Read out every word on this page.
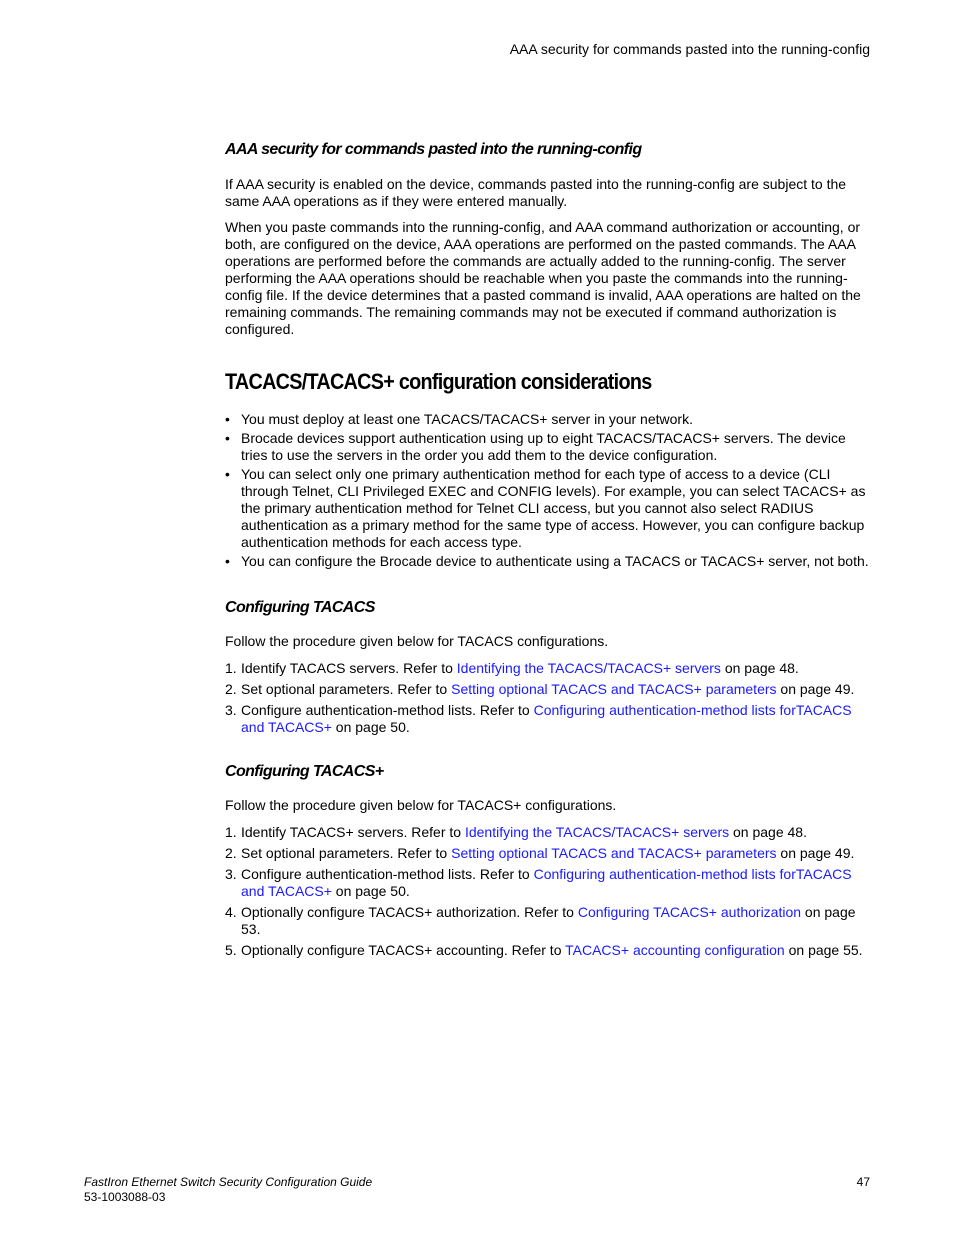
AAA security for commands pasted into the running-config
AAA security for commands pasted into the running-config

If AAA security is enabled on the device, commands pasted into the running-config are subject to the same AAA operations as if they were entered manually.

When you paste commands into the running-config, and AAA command authorization or accounting, or both, are configured on the device, AAA operations are performed on the pasted commands. The AAA operations are performed before the commands are actually added to the running-config. The server performing the AAA operations should be reachable when you paste the commands into the running-config file. If the device determines that a pasted command is invalid, AAA operations are halted on the remaining commands. The remaining commands may not be executed if command authorization is configured.

TACACS/TACACS+ configuration considerations
• You must deploy at least one TACACS/TACACS+ server in your network.
• Brocade devices support authentication using up to eight TACACS/TACACS+ servers. The device tries to use the servers in the order you add them to the device configuration.
• You can select only one primary authentication method for each type of access to a device (CLI through Telnet, CLI Privileged EXEC and CONFIG levels). For example, you can select TACACS+ as the primary authentication method for Telnet CLI access, but you cannot also select RADIUS authentication as a primary method for the same type of access. However, you can configure backup authentication methods for each access type.
• You can configure the Brocade device to authenticate using a TACACS or TACACS+ server, not both.
Configuring TACACS

Follow the procedure given below for TACACS configurations.

1. Identify TACACS servers. Refer to Identifying the TACACS/TACACS+ servers on page 48.
2. Set optional parameters. Refer to Setting optional TACACS and TACACS+ parameters on page 49.
3. Configure authentication-method lists. Refer to Configuring authentication-method lists forTACACS and TACACS+ on page 50.
Configuring TACACS+

Follow the procedure given below for TACACS+ configurations.

1. Identify TACACS+ servers. Refer to Identifying the TACACS/TACACS+ servers on page 48.
2. Set optional parameters. Refer to Setting optional TACACS and TACACS+ parameters on page 49.
3. Configure authentication-method lists. Refer to Configuring authentication-method lists forTACACS and TACACS+ on page 50.
4. Optionally configure TACACS+ authorization. Refer to Configuring TACACS+ authorization on page 53.
5. Optionally configure TACACS+ accounting. Refer to TACACS+ accounting configuration on page 55.
FastIron Ethernet Switch Security Configuration Guide
53-1003088-03
47
